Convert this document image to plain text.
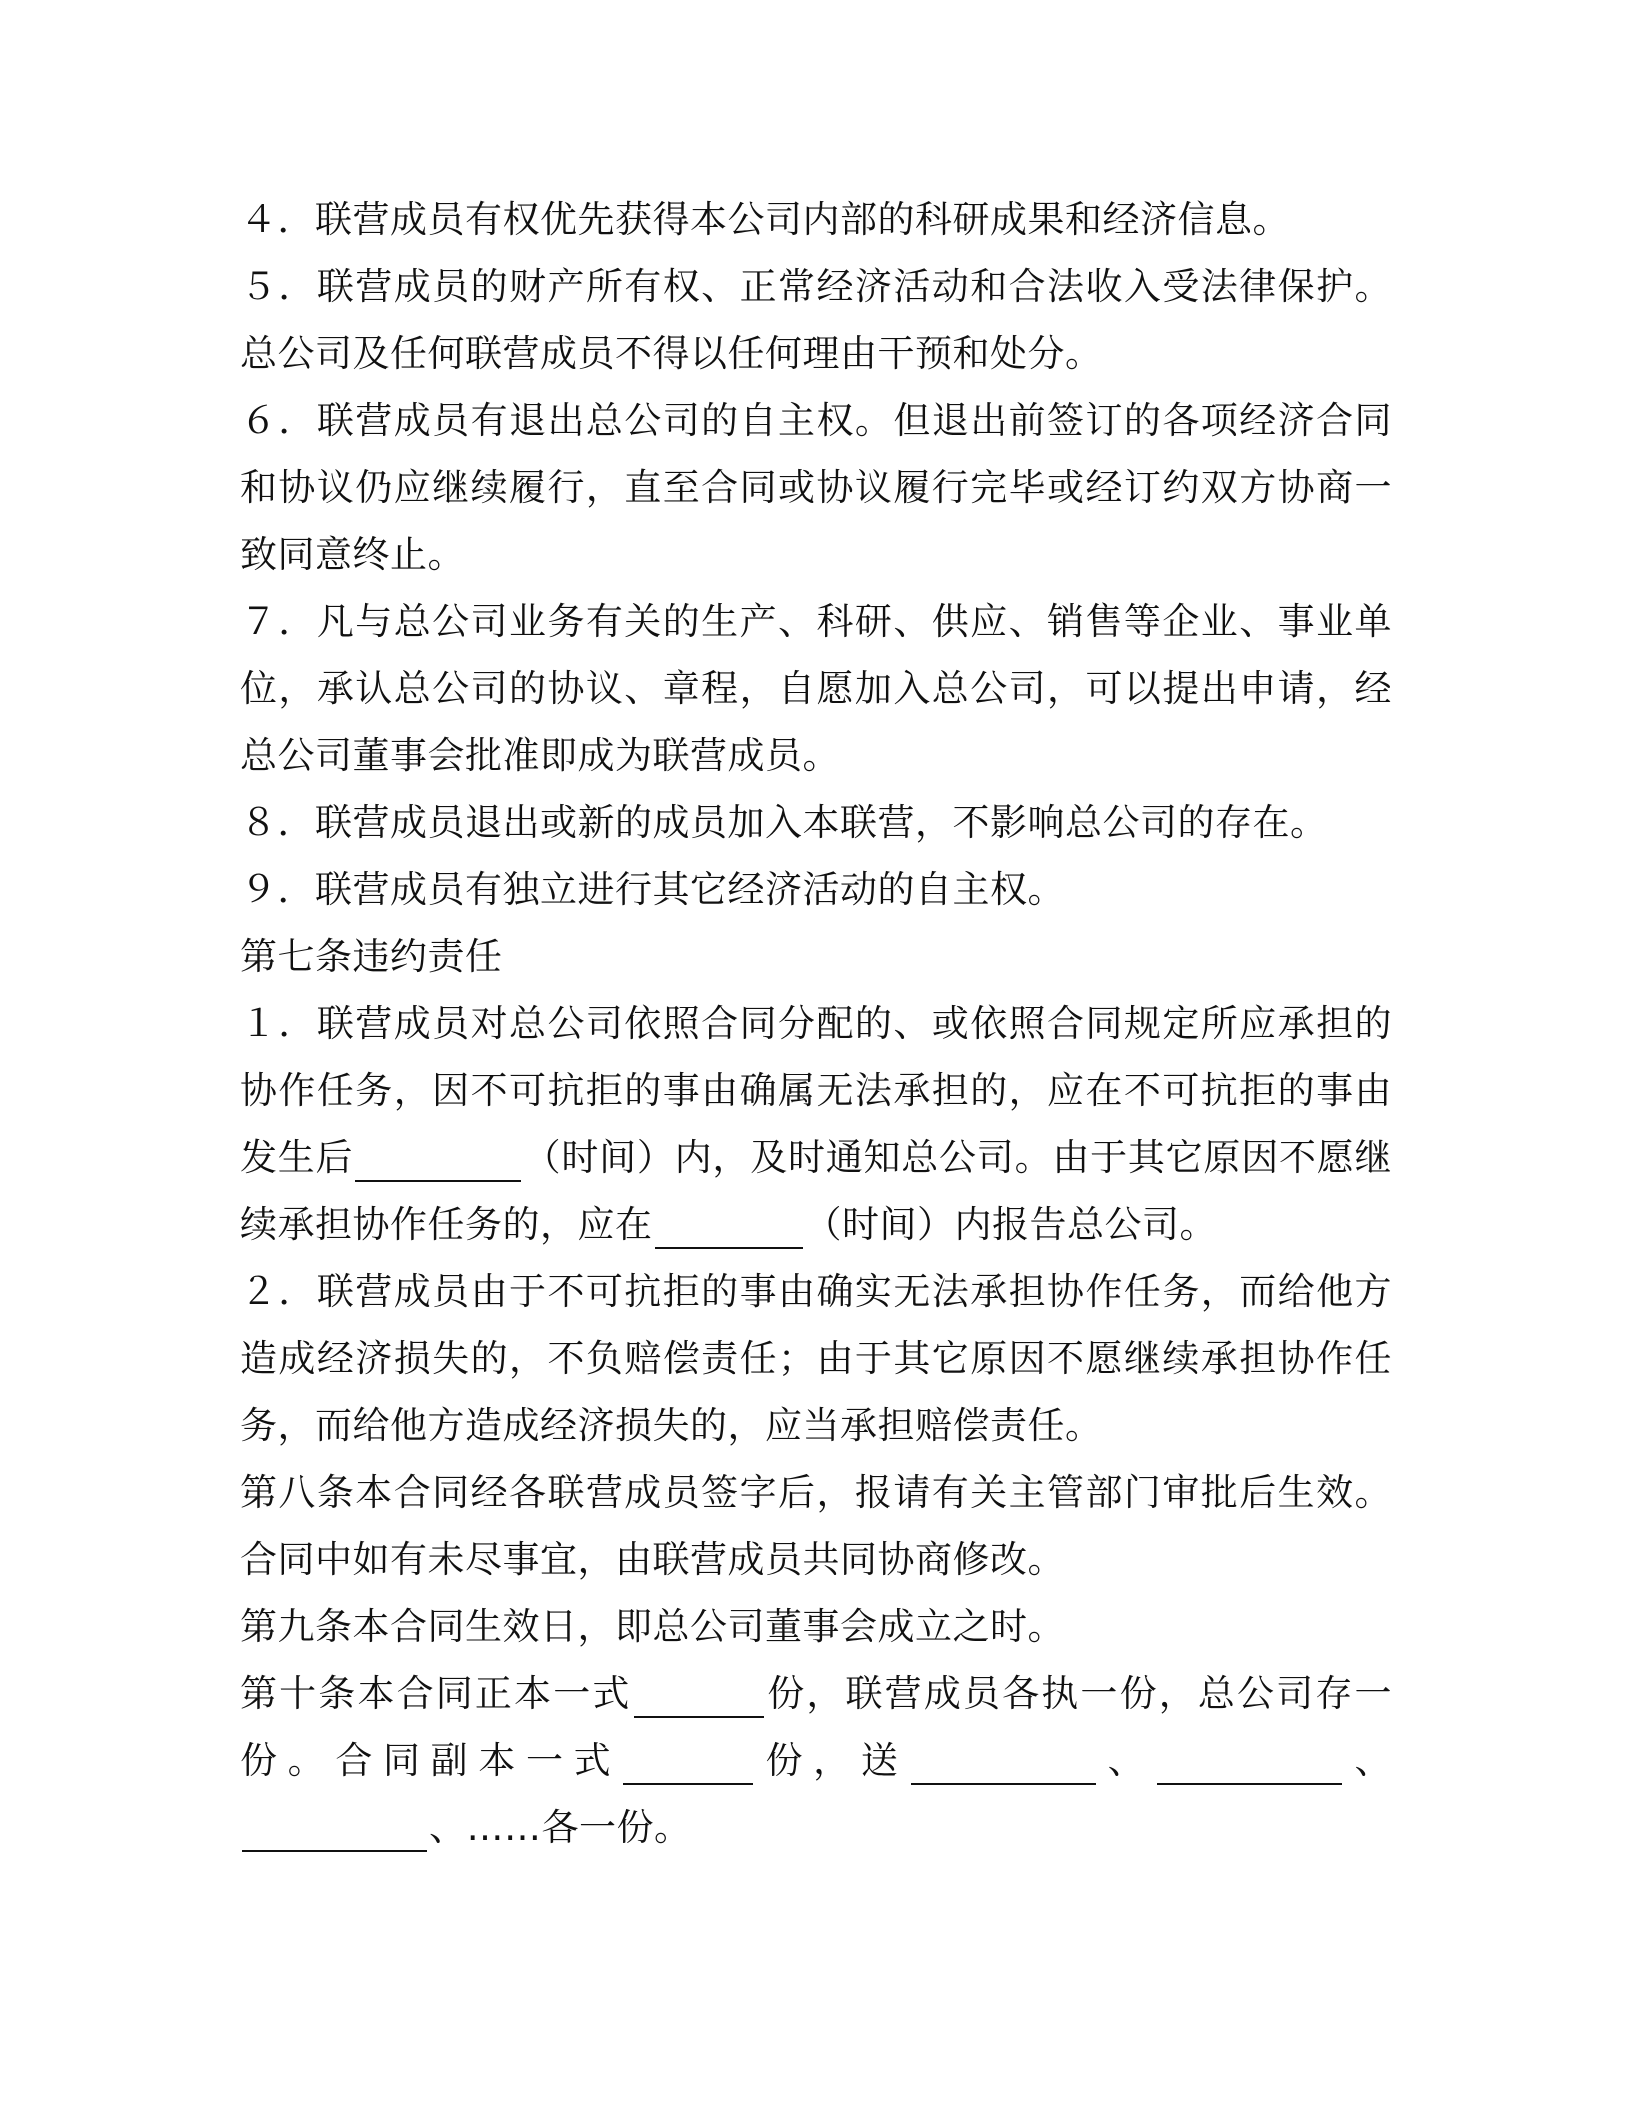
４．联营成员有权优先获得本公司内部的科研成果和经济信息。

５．联营成员的财产所有权、正常经济活动和合法收入受法律保护。总公司及任何联营成员不得以任何理由干预和处分。

６．联营成员有退出总公司的自主权。但退出前签订的各项经济合同和协议仍应继续履行，直至合同或协议履行完毕或经订约双方协商一致同意终止。

７．凡与总公司业务有关的生产、科研、供应、销售等企业、事业单位，承认总公司的协议、章程，自愿加入总公司，可以提出申请，经总公司董事会批准即成为联营成员。

８．联营成员退出或新的成员加入本联营，不影响总公司的存在。

９．联营成员有独立进行其它经济活动的自主权。

第七条违约责任

１．联营成员对总公司依照合同分配的、或依照合同规定所应承担的协作任务，因不可抗拒的事由确属无法承担的，应在不可抗拒的事由发生后	（时间）内，及时通知总公司。由于其它原因不愿继续承担协作任务的，应在	（时间）内报告总公司。

２．联营成员由于不可抗拒的事由确实无法承担协作任务，而给他方造成经济损失的，不负赔偿责任；由于其它原因不愿继续承担协作任务，而给他方造成经济损失的，应当承担赔偿责任。

第八条本合同经各联营成员签字后，报请有关主管部门审批后生效。合同中如有未尽事宜，由联营成员共同协商修改。

第九条本合同生效日，即总公司董事会成立之时。

第十条本合同正本一式	份，联营成员各执一份，总公司存一份。合同副本一式	份，送	、	、、……各一份。
